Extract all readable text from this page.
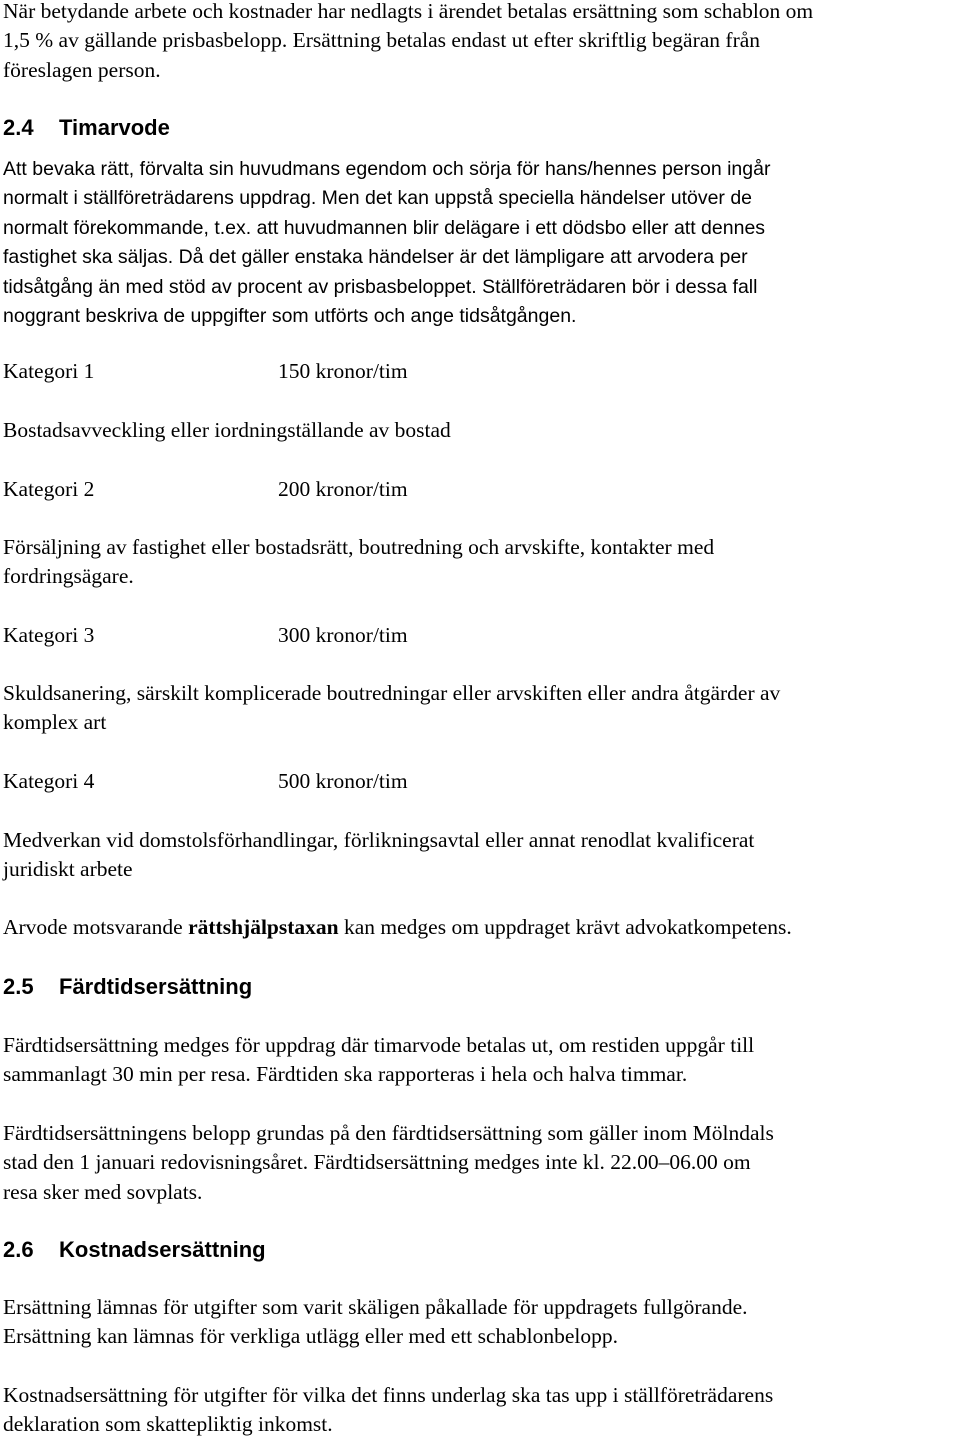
När betydande arbete och kostnader har nedlagts i ärendet betalas ersättning som schablon om
1,5 % av gällande prisbasbelopp. Ersättning betalas endast ut efter skriftlig begäran från
föreslagen person.

2.4 Timarvode

Att bevaka rätt, förvalta sin huvudmans egendom och sörja för hans/hennes person ingår
normalt i ställföreträdarens uppdrag. Men det kan uppstå speciella händelser utöver de
normalt förekommande, t.ex. att huvudmannen blir delägare i ett dödsbo eller att dennes
fastighet ska säljas. Då det gäller enstaka händelser är det lämpligare att arvodera per
tidsåtgång än med stöd av procent av prisbasbeloppet. Ställföreträdaren bör i dessa fall
noggrant beskriva de uppgifter som utförts och ange tidsåtgången.

Kategori 1	150 kronor/tim

Bostadsavveckling eller iordningställande av bostad

Kategori 2	200 kronor/tim

Försäljning av fastighet eller bostadsrätt, boutredning och arvskifte, kontakter med
fordringsägare.

Kategori 3	300 kronor/tim

Skuldsanering, särskilt komplicerade boutredningar eller arvskiften eller andra åtgärder av
komplex art

Kategori 4	500 kronor/tim

Medverkan vid domstolsförhandlingar, förlikningsavtal eller annat renodlat kvalificerat
juridiskt arbete

Arvode motsvarande rättshjälpstaxan kan medges om uppdraget krävt advokatkompetens.

2.5 Färdtidsersättning

Färdtidsersättning medges för uppdrag där timarvode betalas ut, om restiden uppgår till
sammanlagt 30 min per resa. Färdtiden ska rapporteras i hela och halva timmar.

Färdtidsersättningens belopp grundas på den färdtidsersättning som gäller inom Mölndals
stad den 1 januari redovisningsåret. Färdtidsersättning medges inte kl. 22.00–06.00 om
resa sker med sovplats.

2.6 Kostnadsersättning

Ersättning lämnas för utgifter som varit skäligen påkallade för uppdragets fullgörande.
Ersättning kan lämnas för verkliga utlägg eller med ett schablonbelopp.

Kostnadsersättning för utgifter för vilka det finns underlag ska tas upp i ställföreträdarens
deklaration som skattepliktig inkomst.
